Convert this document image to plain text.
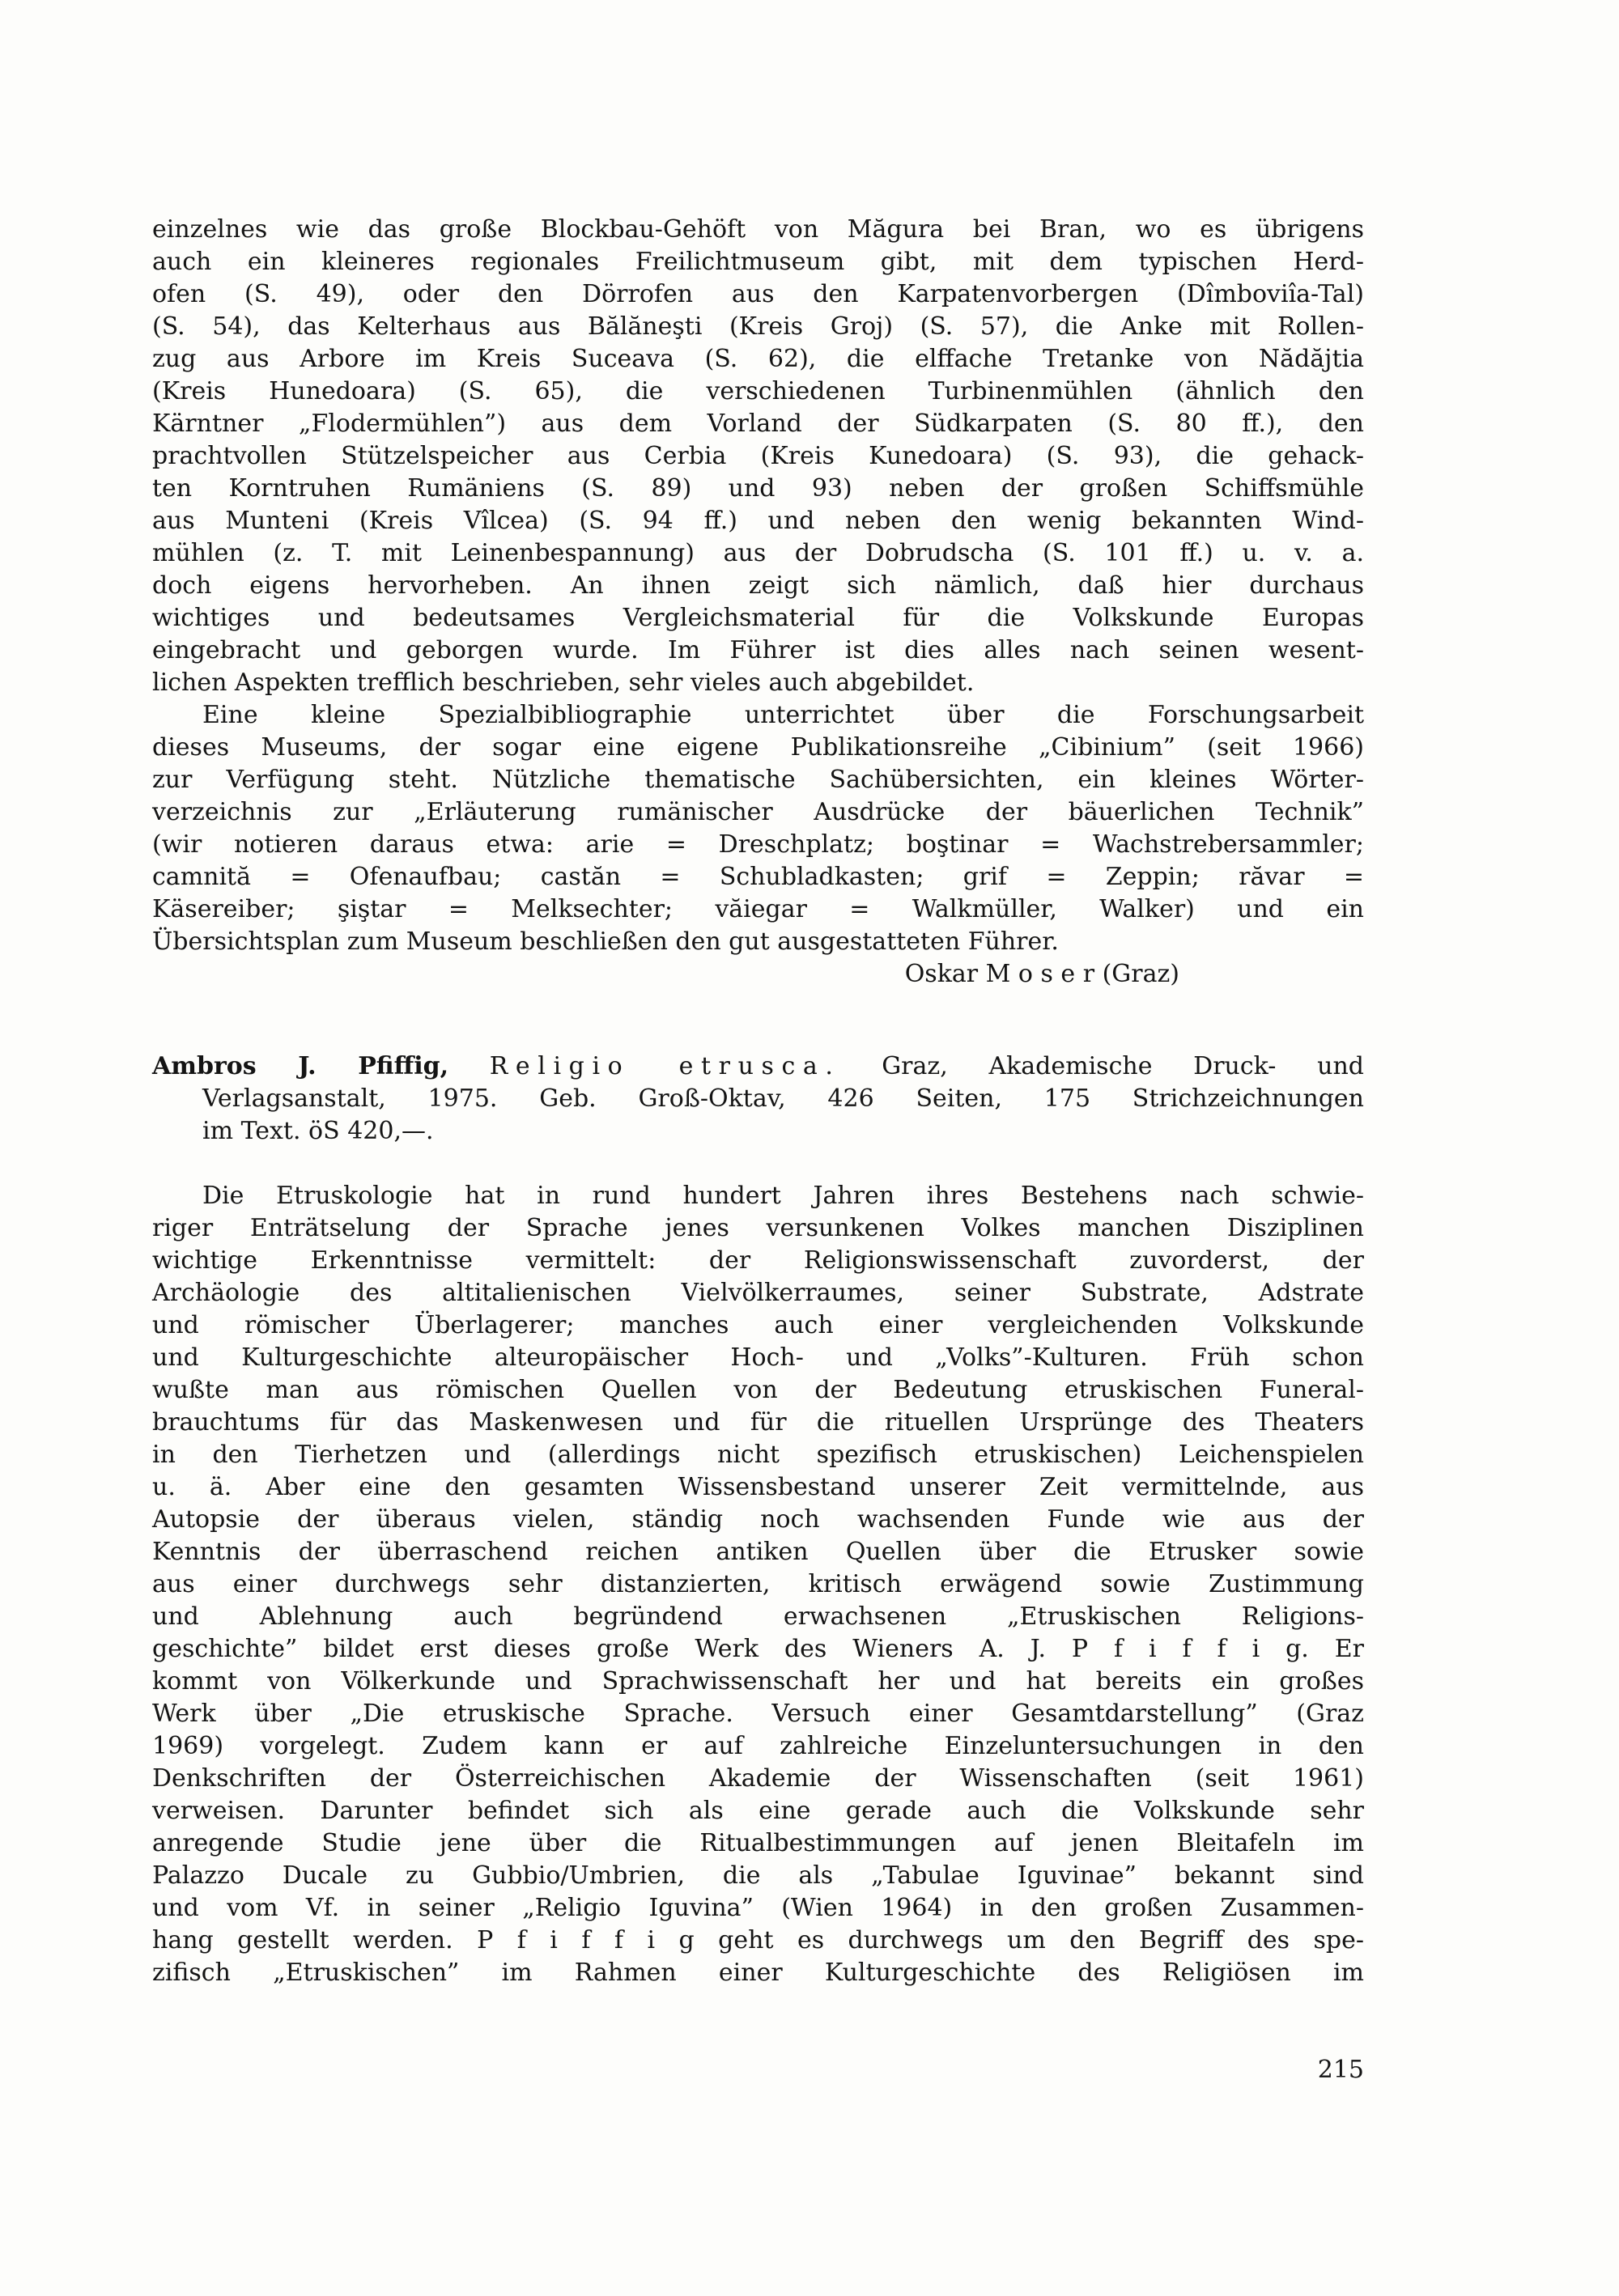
einzelnes wie das große Blockbau-Gehöft von Măgura bei Bran, wo es übrigens
auch ein kleineres regionales Freilichtmuseum gibt, mit dem typischen Herd-
ofen (S. 49), oder den Dörrofen aus den Karpatenvorbergen (Dîmboviîa-Tal)
(S. 54), das Kelterhaus aus Bălăneşti (Kreis Groj) (S. 57), die Anke mit Rollen-
zug aus Arbore im Kreis Suceava (S. 62), die elffache Tretanke von Nădăjtia
(Kreis Hunedoara) (S. 65), die verschiedenen Turbinenmühlen (ähnlich den
Kärntner „Flodermühlen”) aus dem Vorland der Südkarpaten (S. 80 ff.), den
prachtvollen Stützelspeicher aus Cerbia (Kreis Kunedoara) (S. 93), die gehack-
ten Korntruhen Rumäniens (S. 89) und 93) neben der großen Schiffsmühle
aus Munteni (Kreis Vîlcea) (S. 94 ff.) und neben den wenig bekannten Wind-
mühlen (z. T. mit Leinenbespannung) aus der Dobrudscha (S. 101 ff.) u. v. a.
doch eigens hervorheben. An ihnen zeigt sich nämlich, daß hier durchaus
wichtiges und bedeutsames Vergleichsmaterial für die Volkskunde Europas
eingebracht und geborgen wurde. Im Führer ist dies alles nach seinen wesent-
lichen Aspekten trefflich beschrieben, sehr vieles auch abgebildet.
Eine kleine Spezialbibliographie unterrichtet über die Forschungsarbeit
dieses Museums, der sogar eine eigene Publikationsreihe „Cibinium” (seit 1966)
zur Verfügung steht. Nützliche thematische Sachübersichten, ein kleines Wörter-
verzeichnis zur „Erläuterung rumänischer Ausdrücke der bäuerlichen Technik”
(wir notieren daraus etwa: arie = Dreschplatz; boştinar = Wachstrebersammler;
camnită = Ofenaufbau; castăn = Schubladkasten; grif = Zeppin; răvar =
Käsereiber; şiştar = Melksechter; văiegar = Walkmüller, Walker) und ein
Übersichtsplan zum Museum beschließen den gut ausgestatteten Führer.
Oskar M o s e r (Graz)
Ambros J. Pfiffig, Religio etrusca. Graz, Akademische Druck- und
Verlagsanstalt, 1975. Geb. Groß-Oktav, 426 Seiten, 175 Strichzeichnungen
im Text. öS 420,—.
Die Etruskologie hat in rund hundert Jahren ihres Bestehens nach schwie-
riger Enträtselung der Sprache jenes versunkenen Volkes manchen Disziplinen
wichtige Erkenntnisse vermittelt: der Religionswissenschaft zuvorderst, der
Archäologie des altitalienischen Vielvölkerraumes, seiner Substrate, Adstrate
und römischer Überlagerer; manches auch einer vergleichenden Volkskunde
und Kulturgeschichte alteuropäischer Hoch- und „Volks”-Kulturen. Früh schon
wußte man aus römischen Quellen von der Bedeutung etruskischen Funeral-
brauchtums für das Maskenwesen und für die rituellen Ursprünge des Theaters
in den Tierhetzen und (allerdings nicht spezifisch etruskischen) Leichenspielen
u. ä. Aber eine den gesamten Wissensbestand unserer Zeit vermittelnde, aus
Autopsie der überaus vielen, ständig noch wachsenden Funde wie aus der
Kenntnis der überraschend reichen antiken Quellen über die Etrusker sowie
aus einer durchwegs sehr distanzierten, kritisch erwägend sowie Zustimmung
und Ablehnung auch begründend erwachsenen „Etruskischen Religions-
geschichte” bildet erst dieses große Werk des Wieners A. J. P f i f f i g. Er
kommt von Völkerkunde und Sprachwissenschaft her und hat bereits ein großes
Werk über „Die etruskische Sprache. Versuch einer Gesamtdarstellung” (Graz
1969) vorgelegt. Zudem kann er auf zahlreiche Einzeluntersuchungen in den
Denkschriften der Österreichischen Akademie der Wissenschaften (seit 1961)
verweisen. Darunter befindet sich als eine gerade auch die Volkskunde sehr
anregende Studie jene über die Ritualbestimmungen auf jenen Bleitafeln im
Palazzo Ducale zu Gubbio/Umbrien, die als „Tabulae Iguvinae” bekannt sind
und vom Vf. in seiner „Religio Iguvina” (Wien 1964) in den großen Zusammen-
hang gestellt werden. P f i f f i g geht es durchwegs um den Begriff des spe-
zifisch „Etruskischen” im Rahmen einer Kulturgeschichte des Religiösen im
215
